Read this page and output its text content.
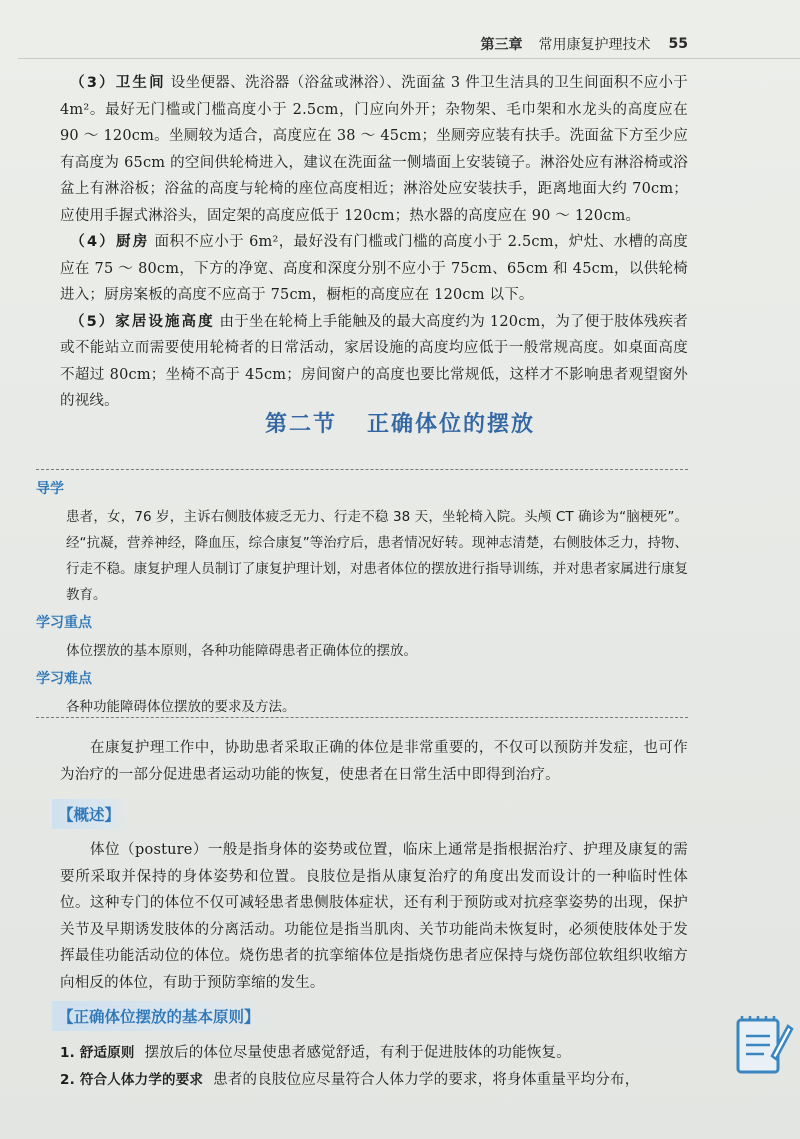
第三章 常用康复护理技术 55

（3）卫生间 设坐便器、洗浴器（浴盆或淋浴）、洗面盆 3 件卫生洁具的卫生间面积不应小于 4m²。最好无门槛或门槛高度小于 2.5cm，门应向外开；杂物架、毛巾架和水龙头的高度应在 90 ～ 120cm。坐厕较为适合，高度应在 38 ～ 45cm；坐厕旁应装有扶手。洗面盆下方至少应有高度为 65cm 的空间供轮椅进入，建议在洗面盆一侧墙面上安装镜子。淋浴处应有淋浴椅或浴盆上有淋浴板；浴盆的高度与轮椅的座位高度相近；淋浴处应安装扶手，距离地面大约 70cm；应使用手握式淋浴头，固定架的高度应低于 120cm；热水器的高度应在 90 ～ 120cm。

（4）厨房 面积不应小于 6m²，最好没有门槛或门槛的高度小于 2.5cm，炉灶、水槽的高度应在 75 ～ 80cm，下方的净宽、高度和深度分别不应小于 75cm、65cm 和 45cm，以供轮椅进入；厨房案板的高度不应高于 75cm，橱柜的高度应在 120cm 以下。

（5）家居设施高度 由于坐在轮椅上手能触及的最大高度约为 120cm，为了便于肢体残疾者或不能站立而需要使用轮椅者的日常活动，家居设施的高度均应低于一般常规高度。如桌面高度不超过 80cm；坐椅不高于 45cm；房间窗户的高度也要比常规低，这样才不影响患者观望窗外的视线。

第二节 正确体位的摆放

导学

患者，女，76 岁，主诉右侧肢体疲乏无力、行走不稳 38 天，坐轮椅入院。头颅 CT 确诊为“脑梗死”。经“抗凝，营养神经，降血压，综合康复”等治疗后，患者情况好转。现神志清楚，右侧肢体乏力，持物、行走不稳。康复护理人员制订了康复护理计划，对患者体位的摆放进行指导训练，并对患者家属进行康复教育。

学习重点

体位摆放的基本原则，各种功能障碍患者正确体位的摆放。

学习难点

各种功能障碍体位摆放的要求及方法。

在康复护理工作中，协助患者采取正确的体位是非常重要的，不仅可以预防并发症，也可作为治疗的一部分促进患者运动功能的恢复，使患者在日常生活中即得到治疗。
【概述】
体位（posture）一般是指身体的姿势或位置，临床上通常是指根据治疗、护理及康复的需要所采取并保持的身体姿势和位置。良肢位是指从康复治疗的角度出发而设计的一种临时性体位。这种专门的体位不仅可减轻患者患侧肢体症状，还有利于预防或对抗痉挛姿势的出现，保护关节及早期诱发肢体的分离活动。功能位是指当肌肉、关节功能尚未恢复时，必须使肢体处于发挥最佳功能活动位的体位。烧伤患者的抗挛缩体位是指烧伤患者应保持与烧伤部位软组织收缩方向相反的体位，有助于预防挛缩的发生。
【正确体位摆放的基本原则】

1. 舒适原则 摆放后的体位尽量使患者感觉舒适，有利于促进肢体的功能恢复。

2. 符合人体力学的要求 患者的良肢位应尽量符合人体力学的要求，将身体重量平均分布，
